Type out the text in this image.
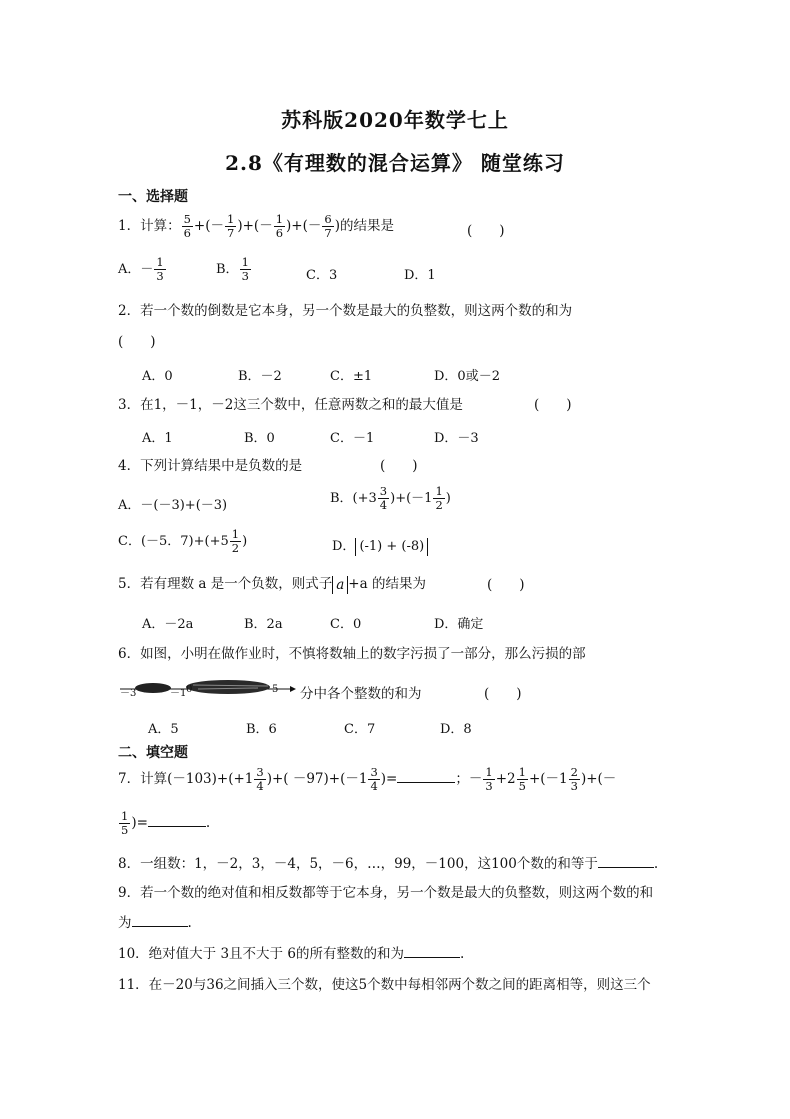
苏科版2020年数学七上
2.8《有理数的混合运算》 随堂练习
一、选择题
1．计算： $\frac{5}{6}$ +(－ $\frac{1}{7}$ )+(－ $\frac{1}{6}$ )+(－ $\frac{6}{7}$ )的结果是	(　　)
A．－ $\frac{1}{3}$	B． $\frac{1}{3}$	C．3	D．1
2．若一个数的倒数是它本身，另一个数是最大的负整数，则这两个数的和为
(　　)
A．0	B．－2	C．±1	D．0或－2
3．在1，－1，－2这三个数中，任意两数之和的最大值是	(　　)
A．1	B．0	C．－1	D．－3
4．下列计算结果中是负数的是	(　　)
A．－(－3)+(－3)	B．$(+3 \frac{3}{4} )+(-1 \frac{1}{2}$ )
C．(－5．$7)+(+5 \frac{1}{2}$ )	D． (-1) + (-8)
5．若有理数 a 是一个负数，则式子 a +a 的结果为	(　　)
A．－2a	B．2a	C．0	D．确定
6．如图，小明在做作业时，不慎将数轴上的数字污损了一部分，那么污损的部
－3	－1 0	5 分中各个整数的和为	(　　)
A．5	B．6	C．7	D．8
二、填空题
7．计算$(-103)+(+1 \frac{3}{4}$ )+( $-97)+(-1 \frac{3}{4}$ )=	；－ $\frac{1}{3} +2 \frac{1}{5} +(-1 \frac{2}{3}$ )+(－
$\frac{1}{5}$ )=	.
8．一组数：1，－2，3，－4，5，－6，…，99，－100，这100个数的和等于	.
9．若一个数的绝对值和相反数都等于它本身，另一个数是最大的负整数，则这两个数的和
为	.
10．绝对值大于 3且不大于 6的所有整数的和为	.
11．在－20与36之间插入三个数，使这5个数中每相邻两个数之间的距离相等，则这三个
